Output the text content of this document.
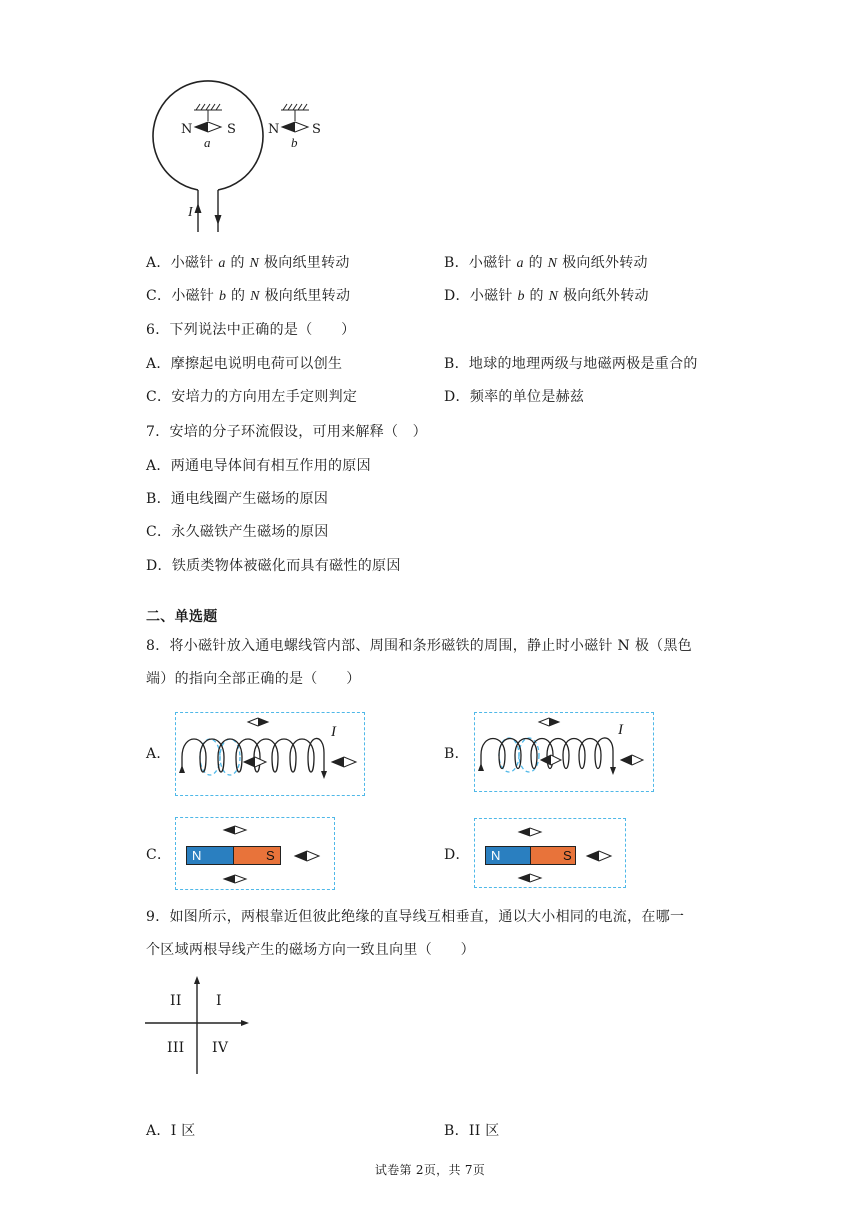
N	S
a
N S
b
I
A．小磁针 a 的 N 极向纸里转动	B．小磁针 a 的 N 极向纸外转动
C．小磁针 b 的 N 极向纸里转动	D．小磁针 b 的 N 极向纸外转动
6．下列说法中正确的是（　　）
A．摩擦起电说明电荷可以创生	B．地球的地理两级与地磁两极是重合的
C．安培力的方向用左手定则判定	D．频率的单位是赫兹
7．安培的分子环流假设，可用来解释（　）
A．两通电导体间有相互作用的原因
B．通电线圈产生磁场的原因
C．永久磁铁产生磁场的原因
D．铁质类物体被磁化而具有磁性的原因
二、单选题
8．将小磁针放入通电螺线管内部、周围和条形磁铁的周围，静止时小磁针 N 极（黑色
端）的指向全部正确的是（　　）
A．	B．
C．	D．
I	I
N	S	N	S
9．如图所示，两根靠近但彼此绝缘的直导线互相垂直，通以大小相同的电流，在哪一
个区域两根导线产生的磁场方向一致且向里（　　）
II I
III IV
A．I 区	B．II 区
试卷第 2页，共 7页
